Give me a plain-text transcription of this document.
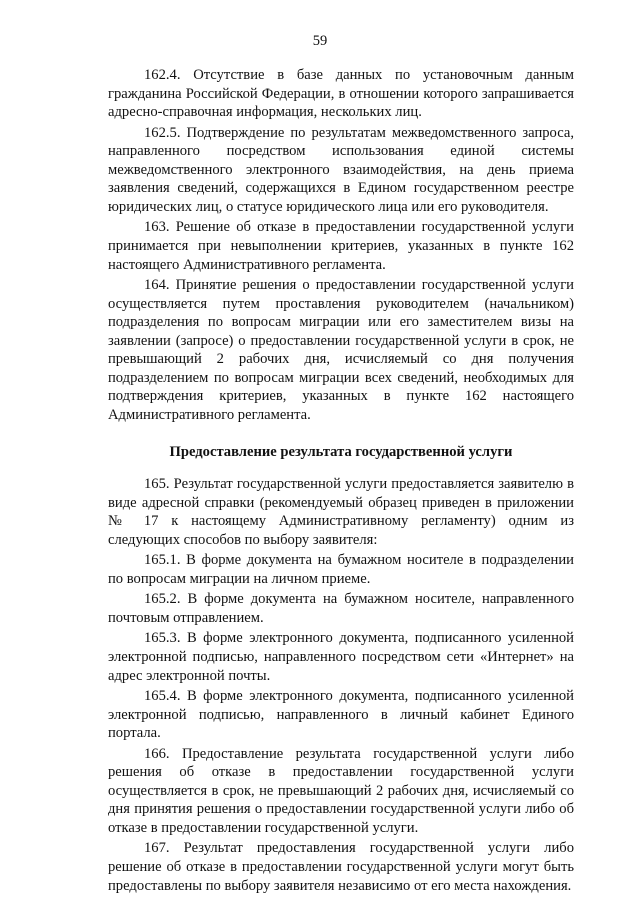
59

162.4. Отсутствие в базе данных по установочным данным гражданина Российской Федерации, в отношении которого запрашивается адресно-справочная информация, нескольких лиц.

162.5. Подтверждение по результатам межведомственного запроса, направленного посредством использования единой системы межведомственного электронного взаимодействия, на день приема заявления сведений, содержащихся в Едином государственном реестре юридических лиц, о статусе юридического лица или его руководителя.

163. Решение об отказе в предоставлении государственной услуги принимается при невыполнении критериев, указанных в пункте 162 настоящего Административного регламента.

164. Принятие решения о предоставлении государственной услуги осуществляется путем проставления руководителем (начальником) подразделения по вопросам миграции или его заместителем визы на заявлении (запросе) о предоставлении государственной услуги в срок, не превышающий 2 рабочих дня, исчисляемый со дня получения подразделением по вопросам миграции всех сведений, необходимых для подтверждения критериев, указанных в пункте 162 настоящего Административного регламента.

Предоставление результата государственной услуги

165. Результат государственной услуги предоставляется заявителю в виде адресной справки (рекомендуемый образец приведен в приложении № 17 к настоящему Административному регламенту) одним из следующих способов по выбору заявителя:

165.1. В форме документа на бумажном носителе в подразделении по вопросам миграции на личном приеме.

165.2. В форме документа на бумажном носителе, направленного почтовым отправлением.

165.3. В форме электронного документа, подписанного усиленной электронной подписью, направленного посредством сети «Интернет» на адрес электронной почты.

165.4. В форме электронного документа, подписанного усиленной электронной подписью, направленного в личный кабинет Единого портала.

166. Предоставление результата государственной услуги либо решения об отказе в предоставлении государственной услуги осуществляется в срок, не превышающий 2 рабочих дня, исчисляемый со дня принятия решения о предоставлении государственной услуги либо об отказе в предоставлении государственной услуги.

167. Результат предоставления государственной услуги либо решение об отказе в предоставлении государственной услуги могут быть предоставлены по выбору заявителя независимо от его места нахождения.
